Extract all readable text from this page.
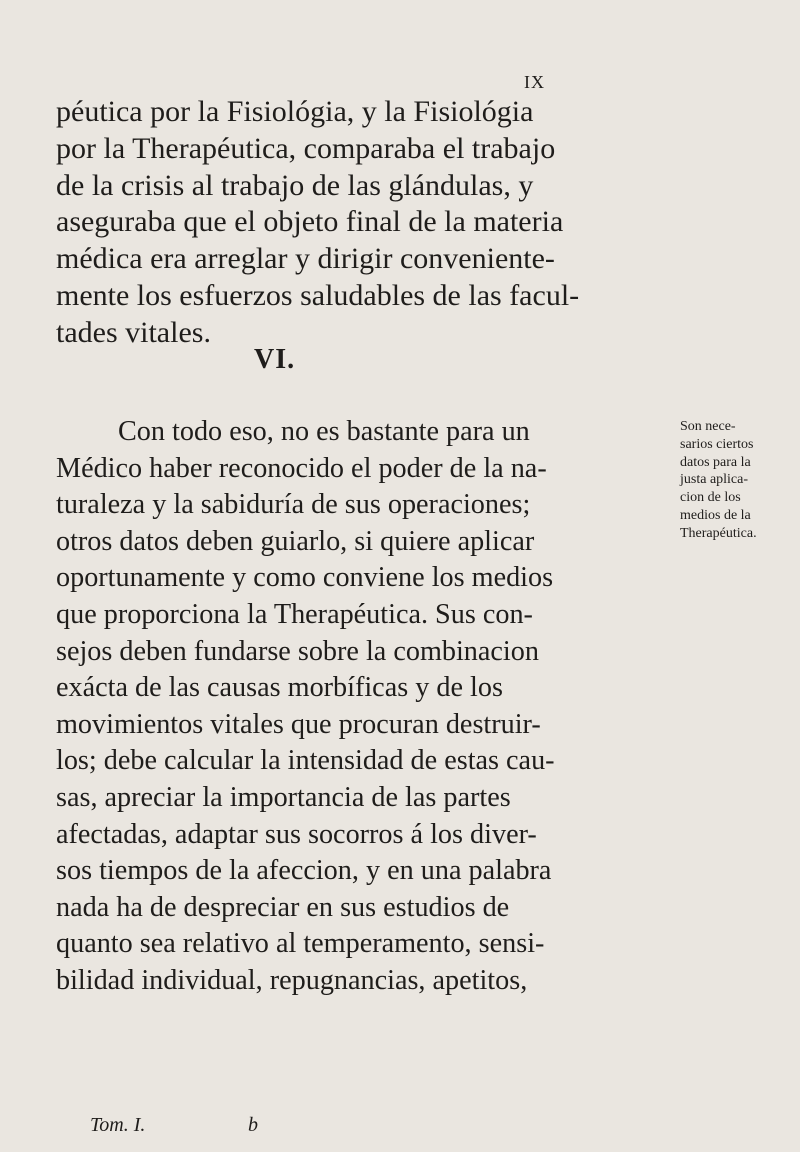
IX
péutica por la Fisiológia, y la Fisiológia
por la Therapéutica, comparaba el trabajo
de la crisis al trabajo de las glándulas, y
aseguraba que el objeto final de la materia
médica era arreglar y dirigir conveniente-
mente los esfuerzos saludables de las facul-
tades vitales.
VI.
Con todo eso, no es bastante para un
Médico haber reconocido el poder de la na-
turaleza y la sabiduría de sus operaciones;
otros datos deben guiarlo, si quiere aplicar
oportunamente y como conviene los medios
que proporciona la Therapéutica. Sus con-
sejos deben fundarse sobre la combinacion
exácta de las causas morbíficas y de los
movimientos vitales que procuran destruir-
los; debe calcular la intensidad de estas cau-
sas, apreciar la importancia de las partes
afectadas, adaptar sus socorros á los diver-
sos tiempos de la afeccion, y en una palabra
nada ha de despreciar en sus estudios de
quanto sea relativo al temperamento, sensi-
bilidad individual, repugnancias, apetitos,
Son nece-
sarios ciertos
datos para la
justa aplica-
cion de los
medios de la
Therapéutica.
Tom. I.	b
